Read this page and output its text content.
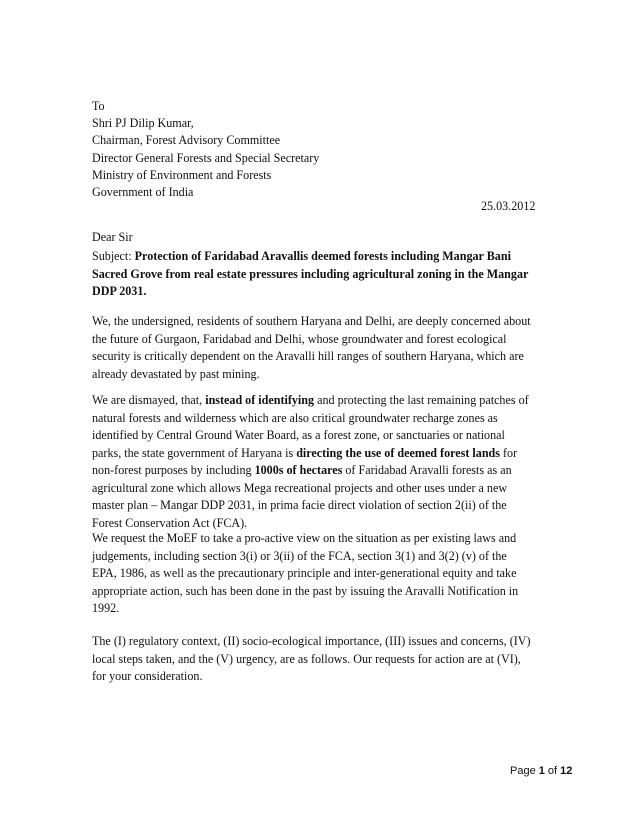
To
Shri PJ Dilip Kumar,
Chairman, Forest Advisory Committee
Director General Forests and Special Secretary
Ministry of Environment and Forests
Government of India
25.03.2012
Dear Sir

Subject: Protection of Faridabad Aravallis deemed forests including Mangar Bani
Sacred Grove from real estate pressures including agricultural zoning in the Mangar
DDP 2031.

We, the undersigned, residents of southern Haryana and Delhi, are deeply concerned about
the future of Gurgaon, Faridabad and Delhi, whose groundwater and forest ecological
security is critically dependent on the Aravalli hill ranges of southern Haryana, which are
already devastated by past mining.

We are dismayed, that, instead of identifying and protecting the last remaining patches of
natural forests and wilderness which are also critical groundwater recharge zones as
identified by Central Ground Water Board, as a forest zone, or sanctuaries or national
parks, the state government of Haryana is directing the use of deemed forest lands for
non-forest purposes by including 1000s of hectares of Faridabad Aravalli forests as an
agricultural zone which allows Mega recreational projects and other uses under a new
master plan – Mangar DDP 2031, in prima facie direct violation of section 2(ii) of the
Forest Conservation Act (FCA).

We request the MoEF to take a pro-active view on the situation as per existing laws and
judgements, including section 3(i) or 3(ii) of the FCA, section 3(1) and 3(2) (v) of the
EPA, 1986, as well as the precautionary principle and inter-generational equity and take
appropriate action, such has been done in the past by issuing the Aravalli Notification in
1992.

The (I) regulatory context, (II) socio-ecological importance, (III) issues and concerns, (IV)
local steps taken, and the (V) urgency, are as follows. Our requests for action are at (VI),
for your consideration.

Page 1 of 12
